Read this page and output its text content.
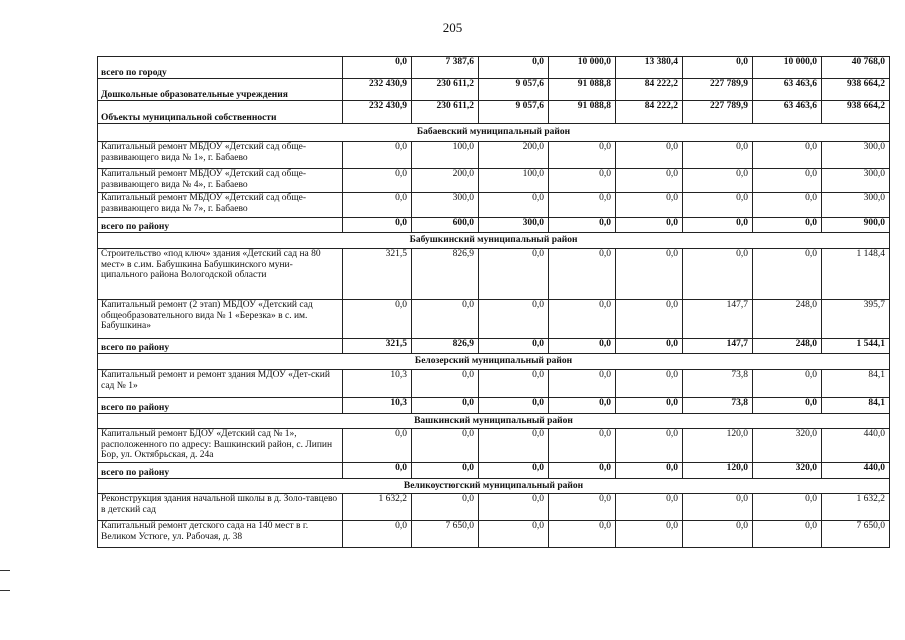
205
всего по городу	0,0	7 387,6	0,0	10 000,0	13 380,4	0,0	10 000,0	40 768,0
Дошкольные образовательные учреждения	232 430,9	230 611,2	9 057,6	91 088,8	84 222,2	227 789,9	63 463,6	938 664,2
Объекты муниципальной собственности	232 430,9	230 611,2	9 057,6	91 088,8	84 222,2	227 789,9	63 463,6	938 664,2
Бабаевский муниципальный район								
Капитальный ремонт МБДОУ «Детский сад обще-развивающего вида № 1», г. Бабаево	0,0	100,0	200,0	0,0	0,0	0,0	0,0	300,0
Капитальный ремонт МБДОУ «Детский сад обще-развивающего вида № 4», г. Бабаево	0,0	200,0	100,0	0,0	0,0	0,0	0,0	300,0
Капитальный ремонт МБДОУ «Детский сад обще-развивающего вида № 7», г. Бабаево	0,0	300,0	0,0	0,0	0,0	0,0	0,0	300,0
всего по району	0,0	600,0	300,0	0,0	0,0	0,0	0,0	900,0
Бабушкинский муниципальный район								
Строительство «под ключ» здания «Детский сад на 80 мест» в с.им. Бабушкина Бабушкинского муни-ципального района Вологодской области	321,5	826,9	0,0	0,0	0,0	0,0	0,0	1 148,4
Капитальный ремонт (2 этап) МБДОУ «Детский сад общеобразовательного вида № 1 «Березка» в с. им. Бабушкина»	0,0	0,0	0,0	0,0	0,0	147,7	248,0	395,7
всего по району	321,5	826,9	0,0	0,0	0,0	147,7	248,0	1 544,1
Белозерский муниципальный район								
Капитальный ремонт и ремонт здания МДОУ «Дет-ский сад № 1»	10,3	0,0	0,0	0,0	0,0	73,8	0,0	84,1
всего по району	10,3	0,0	0,0	0,0	0,0	73,8	0,0	84,1
Вашкинский муниципальный район								
Капитальный ремонт БДОУ «Детский сад № 1», расположенного по адресу: Вашкинский район, с. Липин Бор, ул. Октябрьская, д. 24а	0,0	0,0	0,0	0,0	0,0	120,0	320,0	440,0
всего по району	0,0	0,0	0,0	0,0	0,0	120,0	320,0	440,0
Великоустюгский муниципальный район								
Реконструкция здания начальной школы в д. Золо-тавцево в детский сад	1 632,2	0,0	0,0	0,0	0,0	0,0	0,0	1 632,2
Капитальный ремонт детского сада на 140 мест в г. Великом Устюге, ул. Рабочая, д. 38	0,0	7 650,0	0,0	0,0	0,0	0,0	0,0	7 650,0
